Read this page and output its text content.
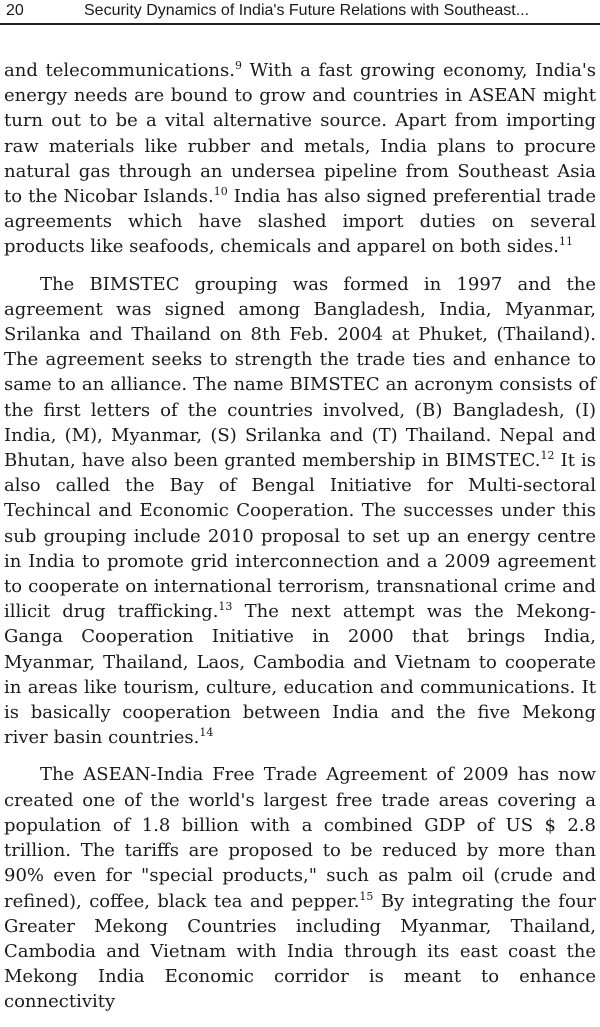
20	Security Dynamics of India's Future Relations with Southeast...

and telecommunications.$^9$ With a fast growing economy, India's energy needs are bound to grow and countries in ASEAN might turn out to be a vital alternative source. Apart from importing raw materials like rubber and metals, India plans to procure natural gas through an undersea pipeline from Southeast Asia to the Nicobar Islands.$^{10}$ India has also signed preferential trade agreements which have slashed import duties on several products like seafoods, chemicals and apparel on both sides.$^{11}$

The BIMSTEC grouping was formed in 1997 and the agreement was signed among Bangladesh, India, Myanmar, Srilanka and Thailand on 8th Feb. 2004 at Phuket, (Thailand). The agreement seeks to strength the trade ties and enhance to same to an alliance. The name BIMSTEC an acronym consists of the first letters of the countries involved, (B) Bangladesh, (I) India, (M), Myanmar, (S) Srilanka and (T) Thailand. Nepal and Bhutan, have also been granted membership in BIMSTEC.$^{12}$ It is also called the Bay of Bengal Initiative for Multi-sectoral Techincal and Economic Cooperation. The successes under this sub grouping include 2010 proposal to set up an energy centre in India to promote grid interconnection and a 2009 agreement to cooperate on international terrorism, transnational crime and illicit drug trafficking.$^{13}$ The next attempt was the Mekong-Ganga Cooperation Initiative in 2000 that brings India, Myanmar, Thailand, Laos, Cambodia and Vietnam to cooperate in areas like tourism, culture, education and communications. It is basically cooperation between India and the five Mekong river basin countries.$^{14}$

The ASEAN-India Free Trade Agreement of 2009 has now created one of the world's largest free trade areas covering a population of 1.8 billion with a combined GDP of US $ 2.8 trillion. The tariffs are proposed to be reduced by more than 90% even for "special products," such as palm oil (crude and refined), coffee, black tea and pepper.$^{15}$ By integrating the four Greater Mekong Countries including Myanmar, Thailand, Cambodia and Vietnam with India through its east coast the Mekong India Economic corridor is meant to enhance connectivity
